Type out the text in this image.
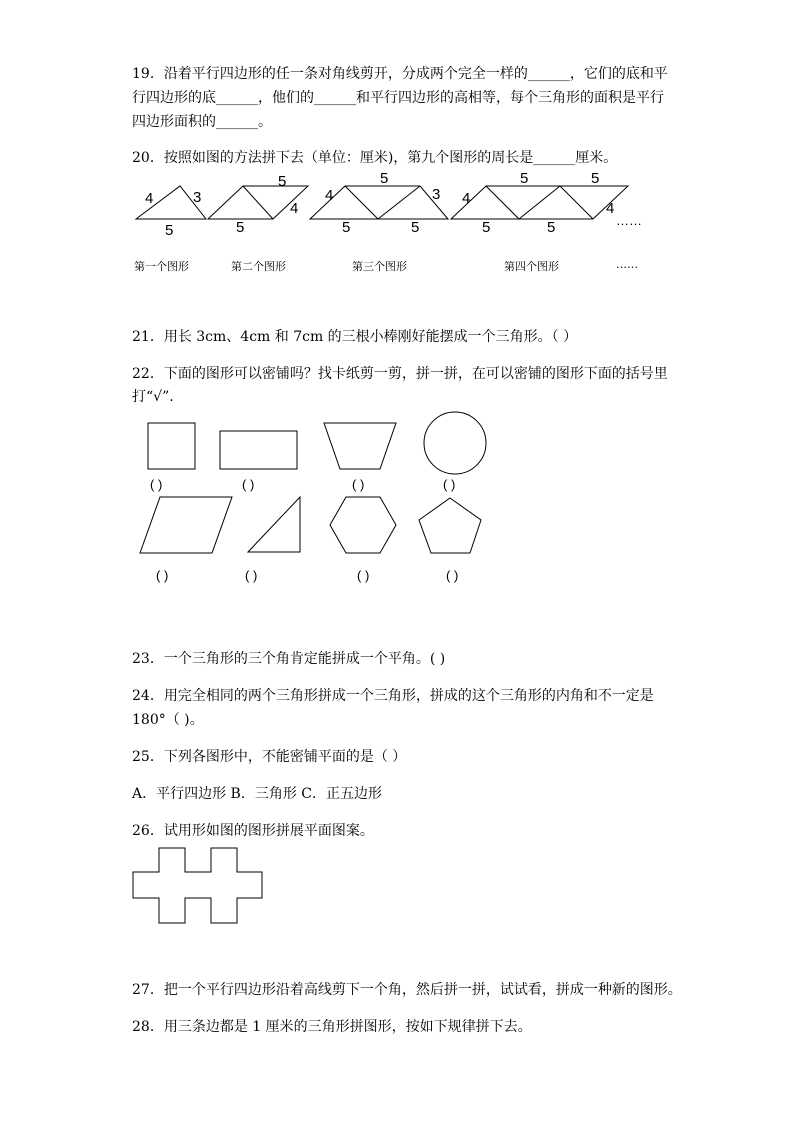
19．沿着平行四边形的任一条对角线剪开，分成两个完全一样的______，它们的底和平
行四边形的底______，他们的______和平行四边形的高相等，每个三角形的面积是平行
四边形面积的______。
20．按照如图的方法拼下去（单位：厘米)，第九个图形的周长是______厘米。
4	3
5
5
4
5
4
5
3
5	5
4
5	5
5	5
4
……
第一个图形	第二个图形	第三个图形	第四个图形	……
( )	( )	( )	( )
( )	( )	( )	( )
21．用长 3cm、4cm 和 7cm 的三根小棒刚好能摆成一个三角形。（ ）
22．下面的图形可以密铺吗？找卡纸剪一剪，拼一拼，在可以密铺的图形下面的括号里
打“√”.
23．一个三角形的三个角肯定能拼成一个平角。( )
24．用完全相同的两个三角形拼成一个三角形，拼成的这个三角形的内角和不一定是
180°（ )。
25．下列各图形中，不能密铺平面的是（ ）
A．平行四边形 B．三角形 C．正五边形
26．试用形如图的图形拼展平面图案。
27．把一个平行四边形沿着高线剪下一个角，然后拼一拼，试试看，拼成一种新的图形。
28．用三条边都是 1 厘米的三角形拼图形，按如下规律拼下去。
